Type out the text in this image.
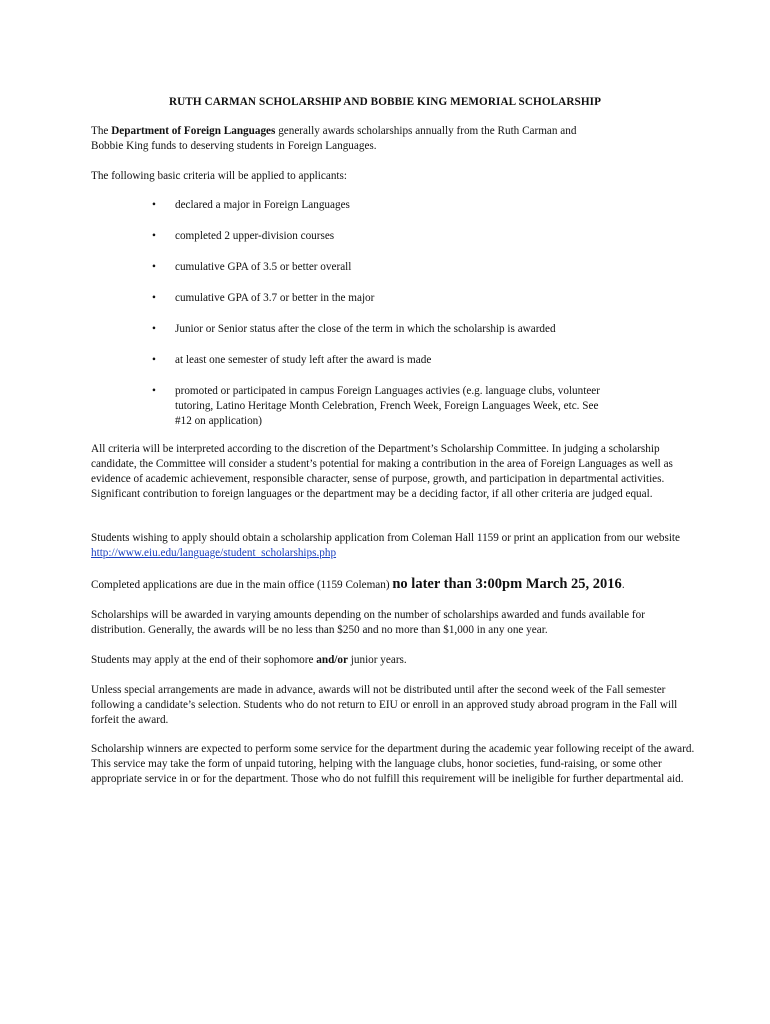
RUTH CARMAN SCHOLARSHIP AND BOBBIE KING MEMORIAL SCHOLARSHIP

The Department of Foreign Languages generally awards scholarships annually from the Ruth Carman and
Bobbie King funds to deserving students in Foreign Languages.

The following basic criteria will be applied to applicants:

•	declared a major in Foreign Languages
•	completed 2 upper-division courses
•	cumulative GPA of 3.5 or better overall
•	cumulative GPA of 3.7 or better in the major
•	Junior or Senior status after the close of the term in which the scholarship is awarded
•	at least one semester of study left after the award is made
•	promoted or participated in campus Foreign Languages activies (e.g. language clubs, volunteer tutoring, Latino Heritage Month Celebration, French Week, Foreign Languages Week, etc. See #12 on application)

All criteria will be interpreted according to the discretion of the Department’s Scholarship Committee. In judging a scholarship candidate, the Committee will consider a student’s potential for making a contribution in the area of Foreign Languages as well as evidence of academic achievement, responsible character, sense of purpose, growth, and participation in departmental activities. Significant contribution to foreign languages or the department may be a deciding factor, if all other criteria are judged equal.

Students wishing to apply should obtain a scholarship application from Coleman Hall 1159 or print an application from our website http://www.eiu.edu/language/student_scholarships.php

Completed applications are due in the main office (1159 Coleman) no later than 3:00pm March 25, 2016.

Scholarships will be awarded in varying amounts depending on the number of scholarships awarded and funds available for distribution. Generally, the awards will be no less than $250 and no more than $1,000 in any one year.

Students may apply at the end of their sophomore and/or junior years.

Unless special arrangements are made in advance, awards will not be distributed until after the second week of the Fall semester following a candidate’s selection. Students who do not return to EIU or enroll in an approved study abroad program in the Fall will forfeit the award.

Scholarship winners are expected to perform some service for the department during the academic year following receipt of the award. This service may take the form of unpaid tutoring, helping with the language clubs, honor societies, fund-raising, or some other appropriate service in or for the department. Those who do not fulfill this requirement will be ineligible for further departmental aid.
